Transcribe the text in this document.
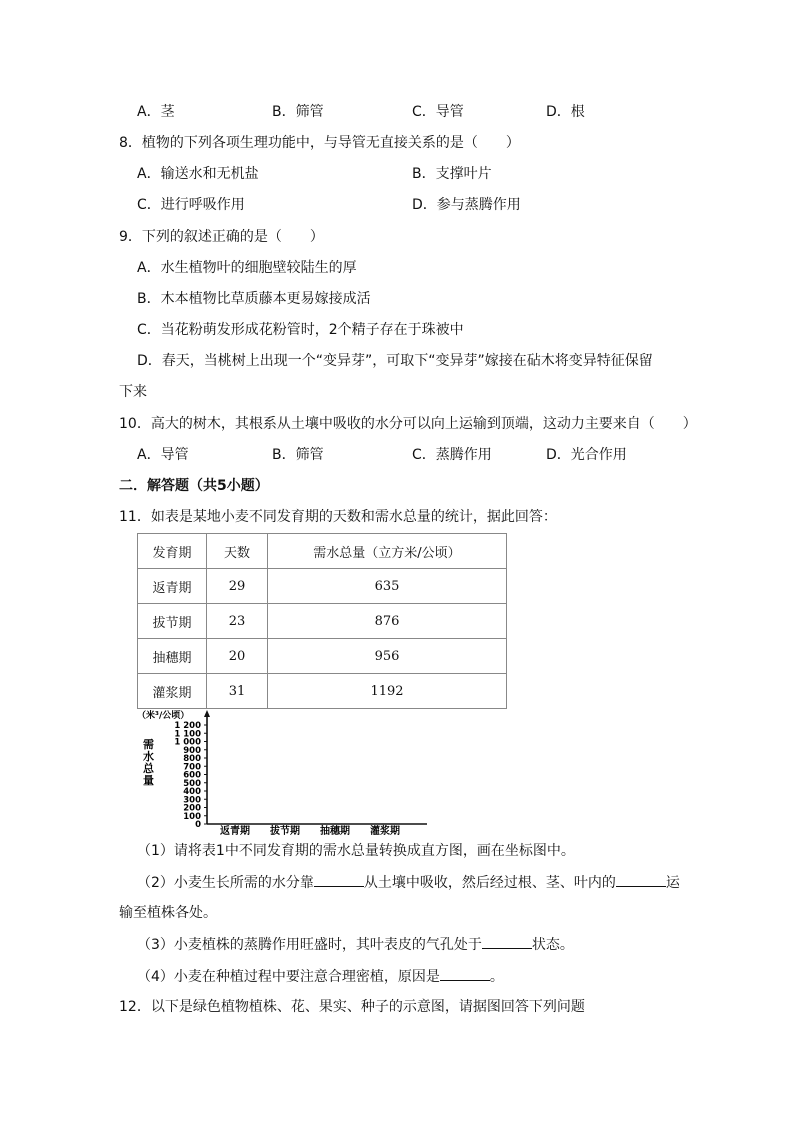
A．茎	B．筛管	C．导管	D．根
8．植物的下列各项生理功能中，与导管无直接关系的是（　　）
A．输送水和无机盐	B．支撑叶片
C．进行呼吸作用	D．参与蒸腾作用
9．下列的叙述正确的是（　　）
A．水生植物叶的细胞壁较陆生的厚
B．木本植物比草质藤本更易嫁接成活
C．当花粉萌发形成花粉管时，2个精子存在于珠被中
D．春天，当桃树上出现一个“变异芽”，可取下“变异芽”嫁接在砧木将变异特征保留
下来
10．高大的树木，其根系从土壤中吸收的水分可以向上运输到顶端，这动力主要来自（　　）
A．导管	B．筛管	C．蒸腾作用	D．光合作用
二．解答题（共5小题）
11．如表是某地小麦不同发育期的天数和需水总量的统计，据此回答：
发育期	天数	需水总量（立方米/公顷）
返青期	29	635
拔节期	23	876
抽穗期	20	956
灌浆期	31	1192
（米³/公顷）
需
水
总
量
1 200
1 100
1 000
900
800
700
600
500
400
300
200
100
0
返青期 拔节期 抽穗期 灌浆期
（1）请将表1中不同发育期的需水总量转换成直方图，画在坐标图中。
（2）小麦生长所需的水分靠	从土壤中吸收，然后经过根、茎、叶内的	运
输至植株各处。
（3）小麦植株的蒸腾作用旺盛时，其叶表皮的气孔处于	状态。
（4）小麦在种植过程中要注意合理密植，原因是	。
12．以下是绿色植物植株、花、果实、种子的示意图，请据图回答下列问题
